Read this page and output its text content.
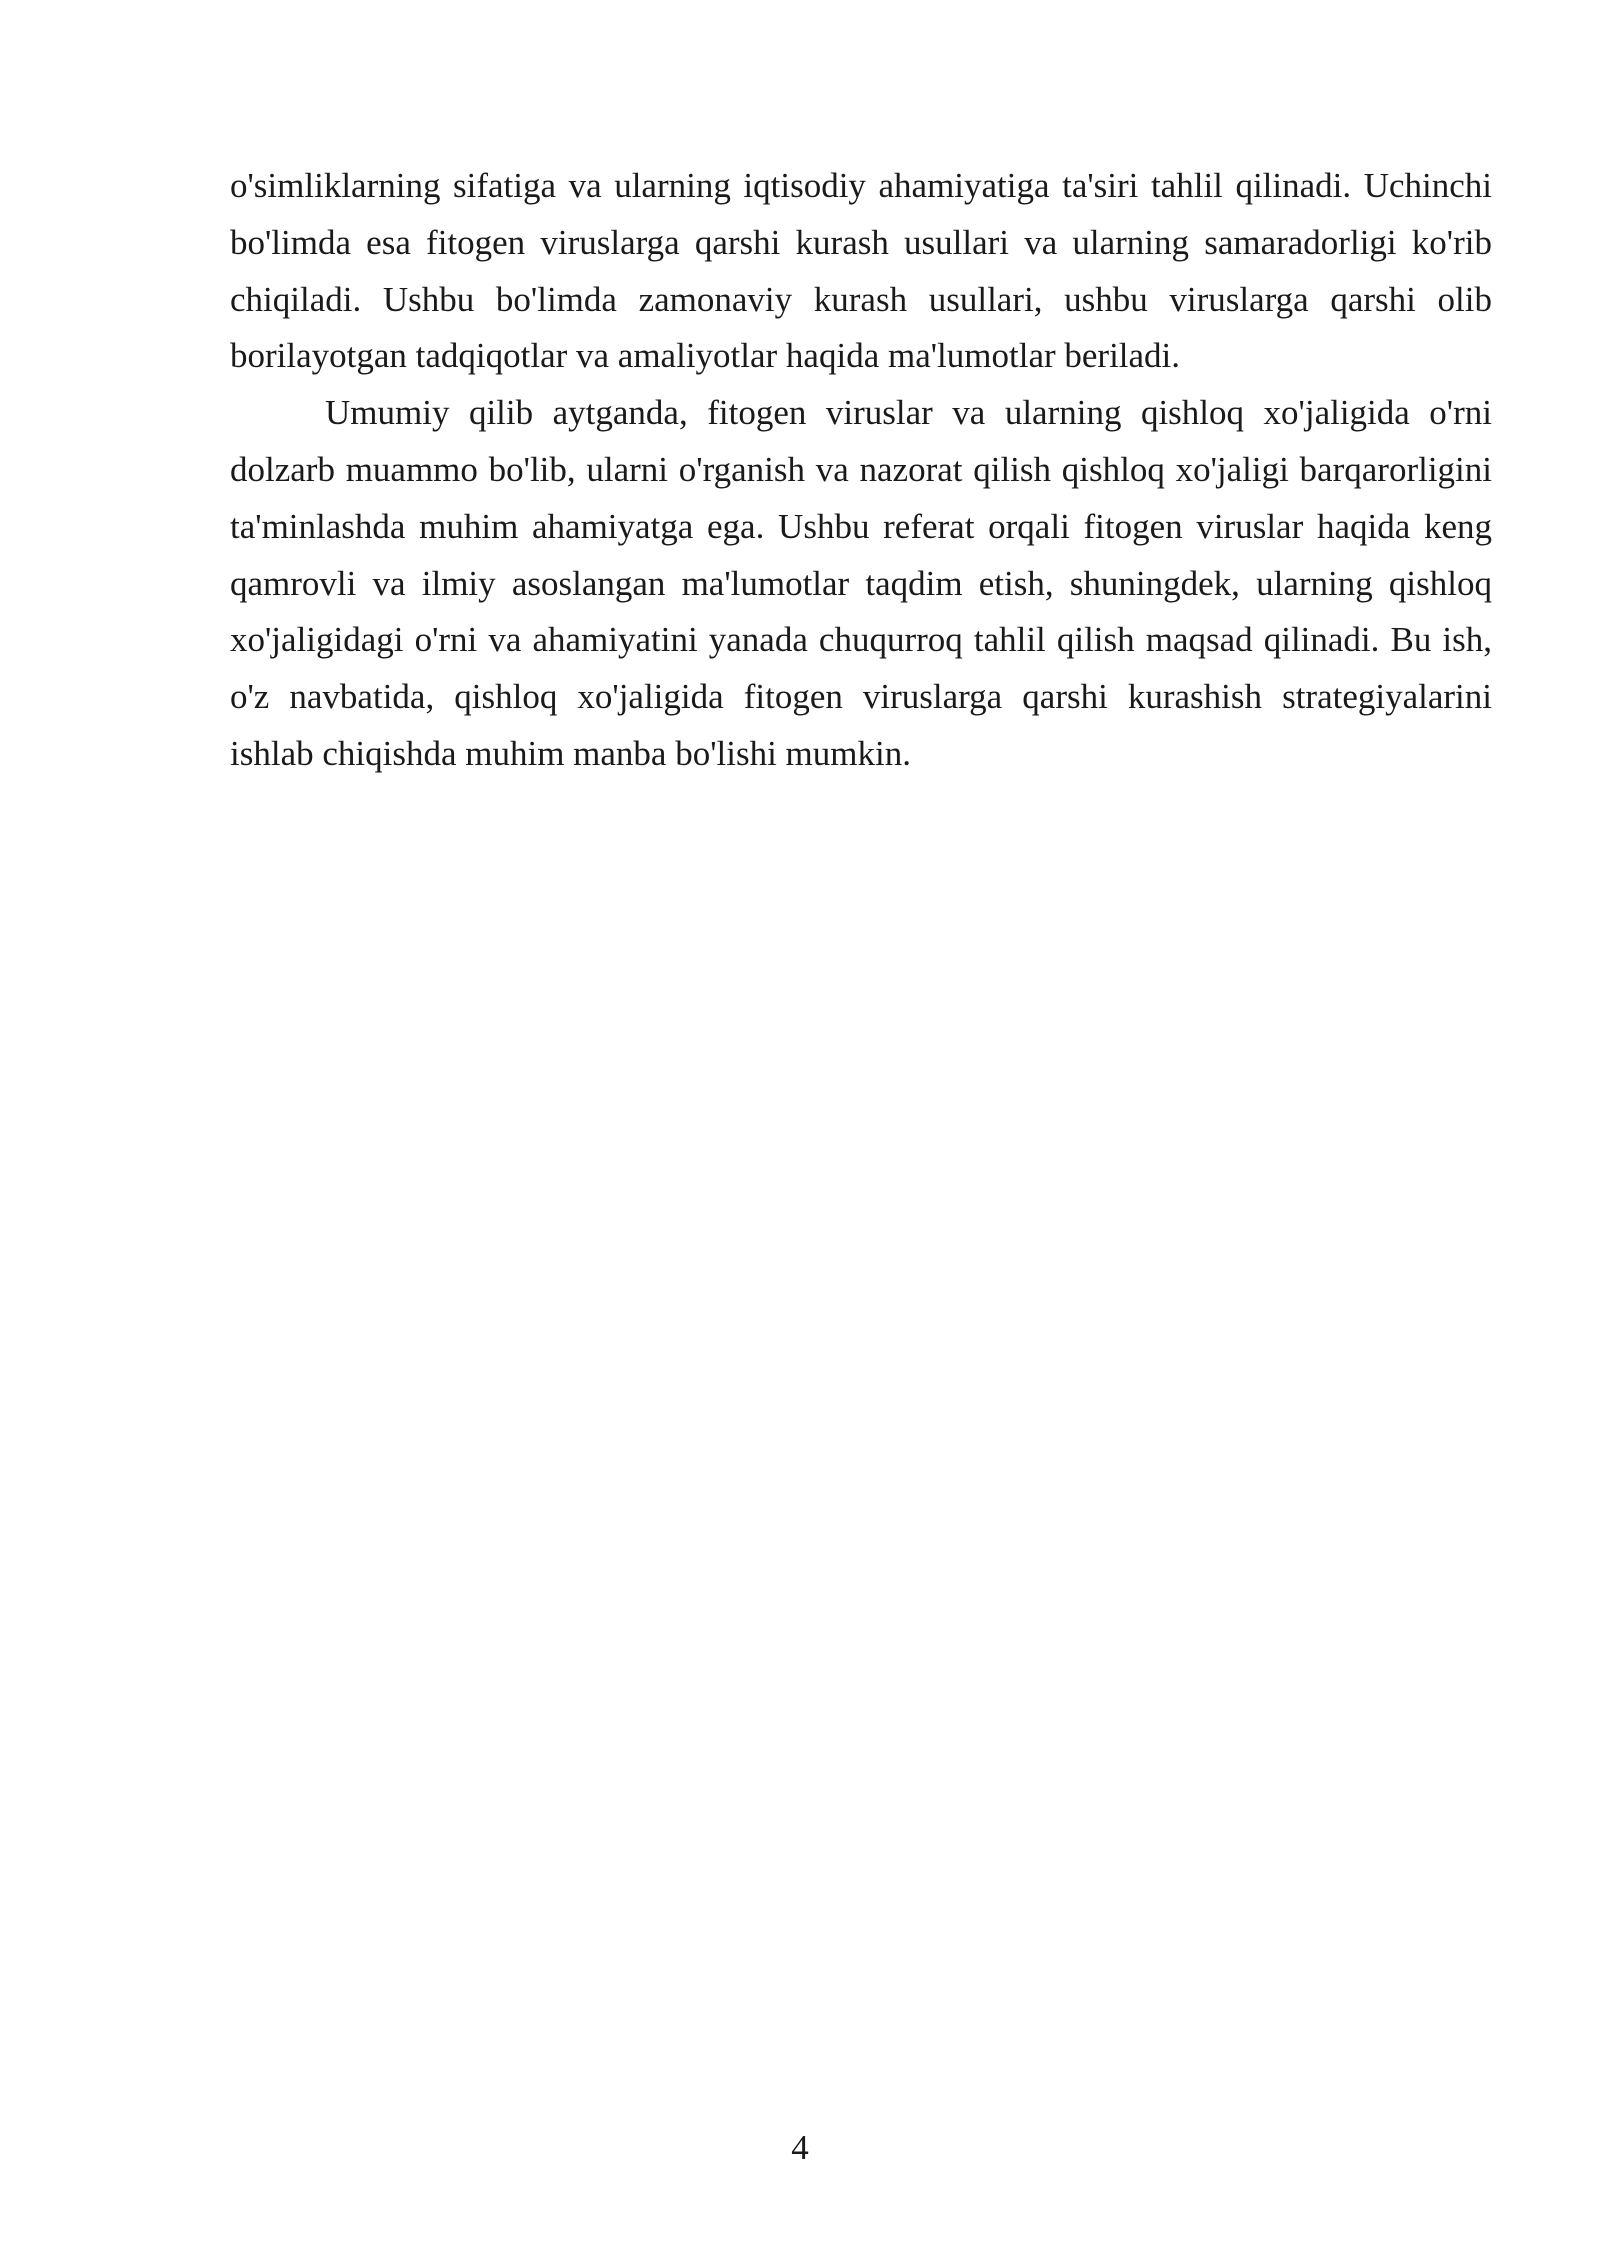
o'simliklarning sifatiga va ularning iqtisodiy ahamiyatiga ta'siri tahlil qilinadi. Uchinchi bo'limda esa fitogen viruslarga qarshi kurash usullari va ularning samaradorligi ko'rib chiqiladi. Ushbu bo'limda zamonaviy kurash usullari, ushbu viruslarga qarshi olib borilayotgan tadqiqotlar va amaliyotlar haqida ma'lumotlar beriladi.

Umumiy qilib aytganda, fitogen viruslar va ularning qishloq xo'jaligida o'rni dolzarb muammo bo'lib, ularni o'rganish va nazorat qilish qishloq xo'jaligi barqarorligini ta'minlashda muhim ahamiyatga ega. Ushbu referat orqali fitogen viruslar haqida keng qamrovli va ilmiy asoslangan ma'lumotlar taqdim etish, shuningdek, ularning qishloq xo'jaligidagi o'rni va ahamiyatini yanada chuqurroq tahlil qilish maqsad qilinadi. Bu ish, o'z navbatida, qishloq xo'jaligida fitogen viruslarga qarshi kurashish strategiyalarini ishlab chiqishda muhim manba bo'lishi mumkin.

4
